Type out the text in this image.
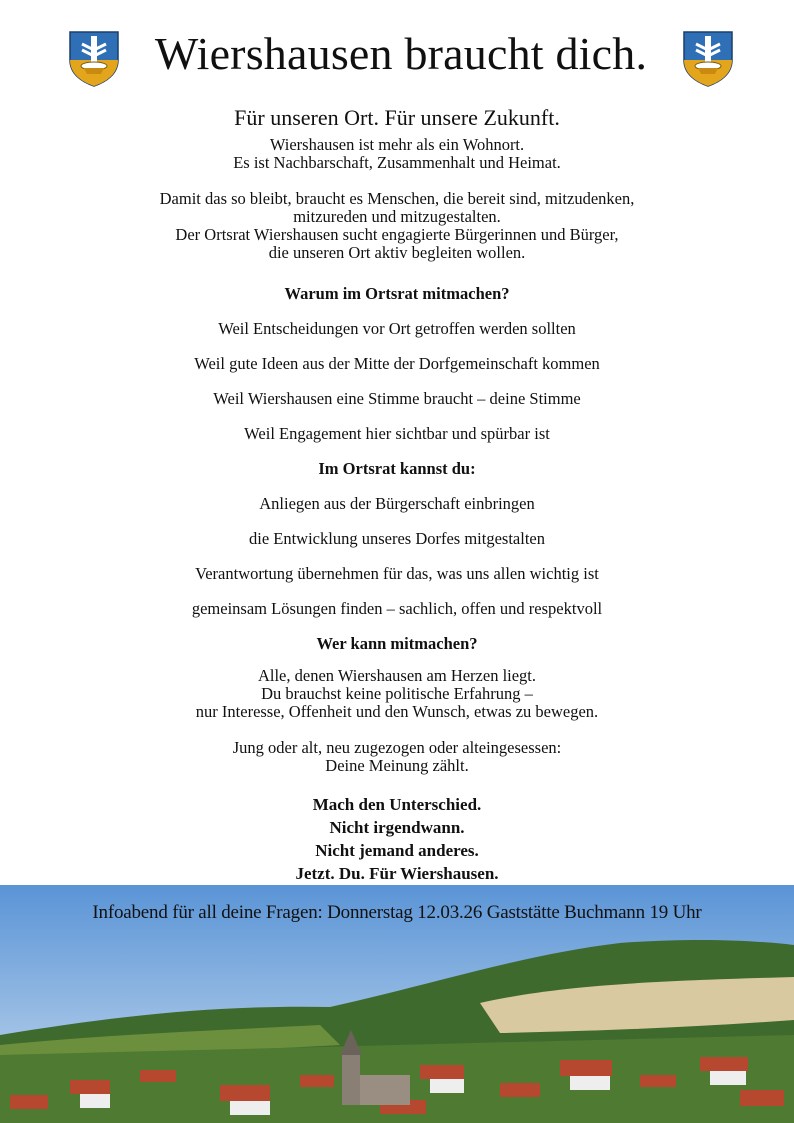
Wiershausen braucht dich.
Für unseren Ort. Für unsere Zukunft.
Wiershausen ist mehr als ein Wohnort.
Es ist Nachbarschaft, Zusammenhalt und Heimat.
Damit das so bleibt, braucht es Menschen, die bereit sind, mitzudenken,
mitzureden und mitzugestalten.
Der Ortsrat Wiershausen sucht engagierte Bürgerinnen und Bürger,
die unseren Ort aktiv begleiten wollen.
Warum im Ortsrat mitmachen?
Weil Entscheidungen vor Ort getroffen werden sollten
Weil gute Ideen aus der Mitte der Dorfgemeinschaft kommen
Weil Wiershausen eine Stimme braucht – deine Stimme
Weil Engagement hier sichtbar und spürbar ist
Im Ortsrat kannst du:
Anliegen aus der Bürgerschaft einbringen
die Entwicklung unseres Dorfes mitgestalten
Verantwortung übernehmen für das, was uns allen wichtig ist
gemeinsam Lösungen finden – sachlich, offen und respektvoll
Wer kann mitmachen?
Alle, denen Wiershausen am Herzen liegt.
Du brauchst keine politische Erfahrung –
nur Interesse, Offenheit und den Wunsch, etwas zu bewegen.
Jung oder alt, neu zugezogen oder alteingesessen:
Deine Meinung zählt.
Mach den Unterschied.
Nicht irgendwann.
Nicht jemand anderes.
Jetzt. Du. Für Wiershausen.
Infoabend für all deine Fragen: Donnerstag 12.03.26 Gaststätte Buchmann 19 Uhr
